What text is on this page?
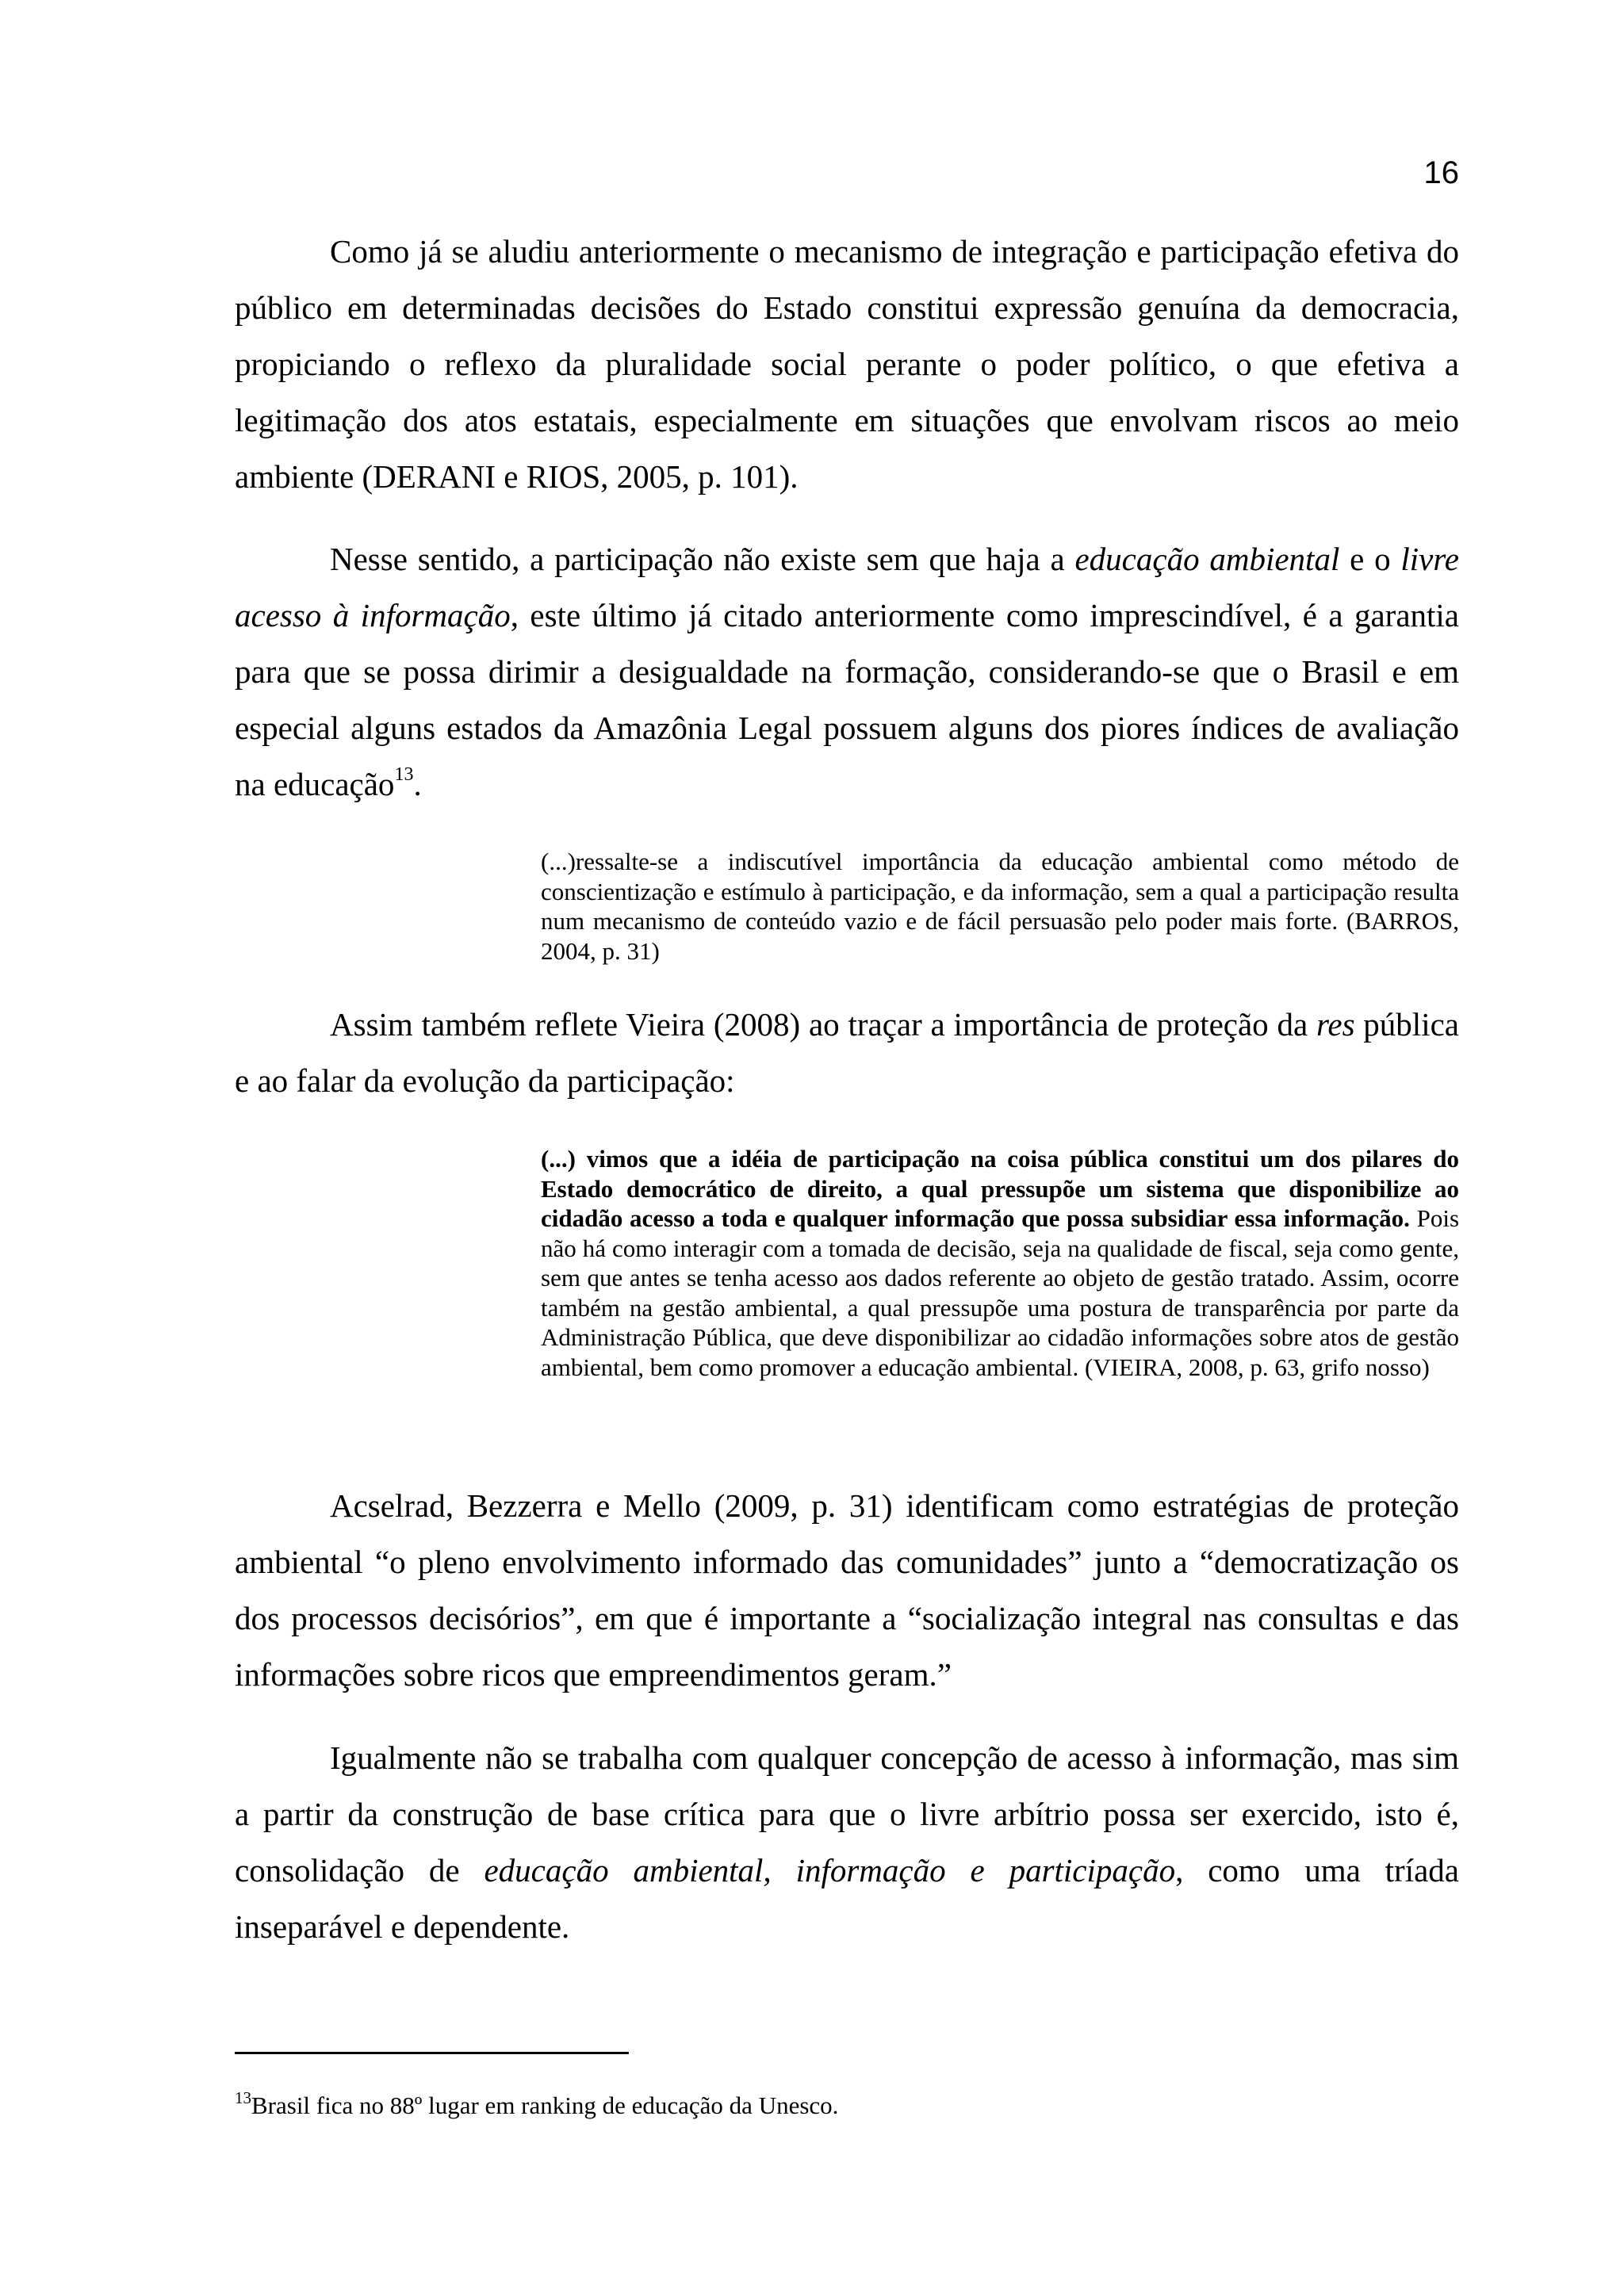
16

Como já se aludiu anteriormente o mecanismo de integração e participação efetiva do público em determinadas decisões do Estado constitui expressão genuína da democracia, propiciando o reflexo da pluralidade social perante o poder político, o que efetiva a legitimação dos atos estatais, especialmente em situações que envolvam riscos ao meio ambiente (DERANI e RIOS, 2005, p. 101).

Nesse sentido, a participação não existe sem que haja a educação ambiental e o livre acesso à informação, este último já citado anteriormente como imprescindível, é a garantia para que se possa dirimir a desigualdade na formação, considerando-se que o Brasil e em especial alguns estados da Amazônia Legal possuem alguns dos piores índices de avaliação na educação$^{13}$.

(...)ressalte-se a indiscutível importância da educação ambiental como método de conscientização e estímulo à participação, e da informação, sem a qual a participação resulta num mecanismo de conteúdo vazio e de fácil persuasão pelo poder mais forte. (BARROS, 2004, p. 31)

Assim também reflete Vieira (2008) ao traçar a importância de proteção da res pública e ao falar da evolução da participação:

(...) vimos que a idéia de participação na coisa pública constitui um dos pilares do Estado democrático de direito, a qual pressupõe um sistema que disponibilize ao cidadão acesso a toda e qualquer informação que possa subsidiar essa informação. Pois não há como interagir com a tomada de decisão, seja na qualidade de fiscal, seja como gente, sem que antes se tenha acesso aos dados referente ao objeto de gestão tratado. Assim, ocorre também na gestão ambiental, a qual pressupõe uma postura de transparência por parte da Administração Pública, que deve disponibilizar ao cidadão informações sobre atos de gestão ambiental, bem como promover a educação ambiental. (VIEIRA, 2008, p. 63, grifo nosso)

Acselrad, Bezzerra e Mello (2009, p. 31) identificam como estratégias de proteção ambiental “o pleno envolvimento informado das comunidades” junto a “democratização os dos processos decisórios”, em que é importante a “socialização integral nas consultas e das informações sobre ricos que empreendimentos geram.”

Igualmente não se trabalha com qualquer concepção de acesso à informação, mas sim a partir da construção de base crítica para que o livre arbítrio possa ser exercido, isto é, consolidação de educação ambiental, informação e participação, como uma tríada inseparável e dependente.

$^{13}$Brasil fica no 88º lugar em ranking de educação da Unesco.
